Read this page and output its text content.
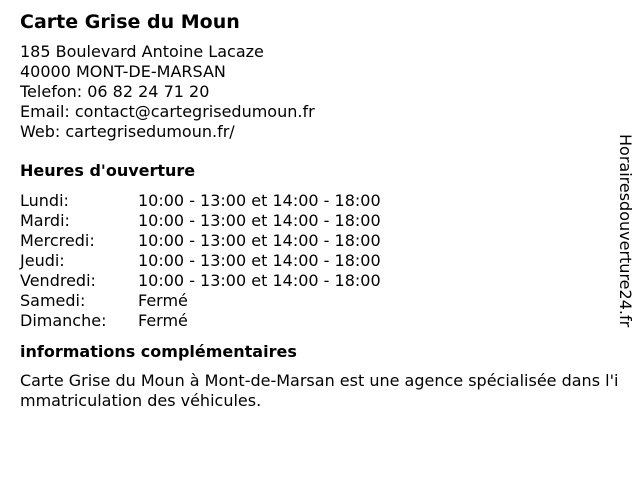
Carte Grise du Moun
185 Boulevard Antoine Lacaze
40000 MONT-DE-MARSAN
Telefon: 06 82 24 71 20
Email: contact@cartegrisedumoun.fr
Web: cartegrisedumoun.fr/
Heures d'ouverture
Lundi:	10:00 - 13:00 et 14:00 - 18:00
Mardi:	10:00 - 13:00 et 14:00 - 18:00
Mercredi:	10:00 - 13:00 et 14:00 - 18:00
Jeudi:	10:00 - 13:00 et 14:00 - 18:00
Vendredi:	10:00 - 13:00 et 14:00 - 18:00
Samedi:	Fermé
Dimanche:	Fermé
informations complémentaires
Carte Grise du Moun à Mont-de-Marsan est une agence spécialisée dans l'immatriculation des véhicules.
Horairesdouverture24.fr
